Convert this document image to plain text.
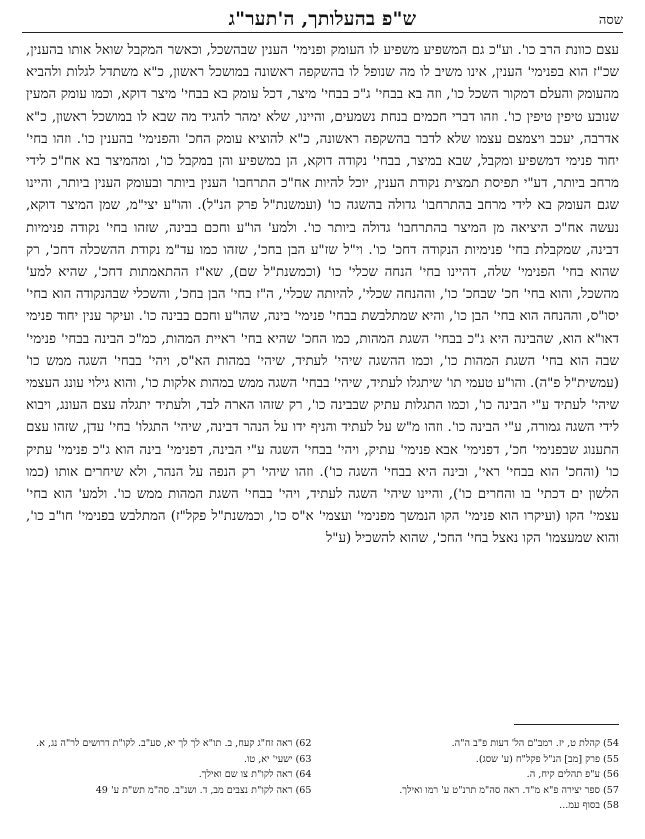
שסה
ש"פ בהעלותך, ה'תער"ג

עצם כוונת הרב כו'. וע"כ גם המשפיע משפיע לו העומק ופנימי' הענין שבהשכל, וכאשר המקבל שואל אותו בהענין, שכ"ז הוא בפנימי' הענין, אינו משיב לו מה שנופל לו בהשקפה ראשונה במושכל ראשון, כ"א משתדל לגלות ולהביא מהעומק והעלם דמקור השכל כו', וזה בא בבחי' ג"כ בבחי' מיצר, דכל עומק בא בבחי' מיצר דוקא, וכמו עומק המעין שנובע טיפין טיפין כו'. וזהו דברי חכמים בנחת נשמעים, והיינו, שלא ימהר להגיד מה שבא לו במושכל ראשון, כ"א אדרבה, יעכב ויצמצם עצמו שלא לדבר בהשקפה ראשונה, כ"א להוציא עומק החכ' והפנימי' בהענין כו'. וזהו בחי' יחוד פנימי דמשפיע ומקבל, שבא במיצר, בבחי' נקודה דוקא, הן במשפיע והן במקבל כו', ומהמיצר בא אח"כ לידי מרחב ביותר, דע"י תפיסת תמצית נקודת הענין, יוכל להיות אח"כ התרחבו' הענין ביותר ובעומק הענין ביותר, והיינו שגם העומק בא לידי מרחב בהתרחבו' גדולה בהשגה כו' (ועמשנת"ל פרק הנ"ל). והו"ע יצי"מ, שמן המיצר דוקא, נעשה אח"כ היציאה מן המיצר בהתרחבו' גדולה ביותר כו'. ולמע' הו"ע וחכם בבינה, שזהו בחי' נקודה פנימיות דבינה, שמקבלת בחי' פנימיות הנקודה דחכ' כו'. וי"ל שז"ע הבן בחכ', שזהו כמו עד"מ נקודת ההשכלה דחכ', רק שהוא בחי' הפנימי' שלה, דהיינו בחי' הנחה שכלי' כו' (וכמשנת"ל שם), שא"ז ההתאמתות דחכ', שהיא למע' מהשכל, והוא בחי' חכ' שבחכ' כו', וההנחה שכלי', להיותה שכלי', ה"ז בחי' הבן בחכ', והשכלי שבהנקודה הוא בחי' יסו"ס, וההנחה הוא בחי' הבן כו', והיא שמתלבשת בבחי' פנימי' בינה, שהו"ע וחכם בבינה כו'. ועיקר ענין יחוד פנימי דאו"א הוא, שהבינה היא ג"כ בבחי' השגת המהות, כמו החכ' שהיא בחי' ראיית המהות, כמ"כ הבינה בבחי' פנימי' שבה הוא בחי' השגת המהות כו', וכמו ההשגה שיהי' לעתיד, שיהי' במהות הא"ס, ויהי' בבחי' השגה ממש כו' (עמשית"ל פ"ה). והו"ע טעמי תו' שיתגלו לעתיד, שיהי' בבחי' השגה ממש במהות אלקות כו', והוא גילוי עונג העצמי שיהי' לעתיד ע"י הבינה כו', וכמו התגלות עתיק שבבינה כו', רק שזהו הארה לבד, ולעתיד יתגלה עצם העונג, ויבוא לידי השגה גמורה, ע"י הבינה כו'. וזהו מ"ש על לעתיד והניף ידו על הנהר דבינה, שיהי' התגלו' בחי' עדן, שזהו עצם התענוג שבפנימי' חכ', דפנימי' אבא פנימי' עתיק, ויהי' בבחי' השגה ע"י הבינה, דפנימי' בינה הוא ג"כ פנימי' עתיק כו' (והחכ' הוא בבחי' ראי', ובינה היא בבחי' השגה כו'). וזהו שיהי' רק הנפה על הנהר, ולא שיחרים אותו (כמו הלשון ים דכתי' בו והחרים כו'), והיינו שיהי' השגה לעתיד, ויהי' בבחי' השגת המהות ממש כו'. ולמע' הוא בחי' עצמי' הקו (ועיקרו הוא פנימי' הקו הנמשך מפנימי' ועצמי' א"ס כו', וכמשנת"ל פקל"ז) המתלבש בפנימי' חו"ב כו', והוא שמעצמו' הקו נאצל בחי' החכ', שהוא להשכיל (ע"ל

54) קהלת ט, יז. רמב"ם הל' דעות פ"ב ה"ה.
55) פרק [מב] הנ"ל פקל"ח (ע' שסג).
56) ע"פ תהלים קיח, ה.
57) ספר יצירה פ"א מ"ד. ראה סה"מ תרנ"ט ע' רמו ואילך.
58) בסוף עמ...
62) ראה זח"ג קעח, ב. תו"א לך לך יא, סע"ב. לקו"ת דרושים לר"ה נג, א.
63) ישעי' יא, טו.
64) ראה לקו"ת צו שם ואילך.
65) ראה לקו"ת נצבים מב, ד. ושנ"ב. סה"מ תש"ת ע' 49
